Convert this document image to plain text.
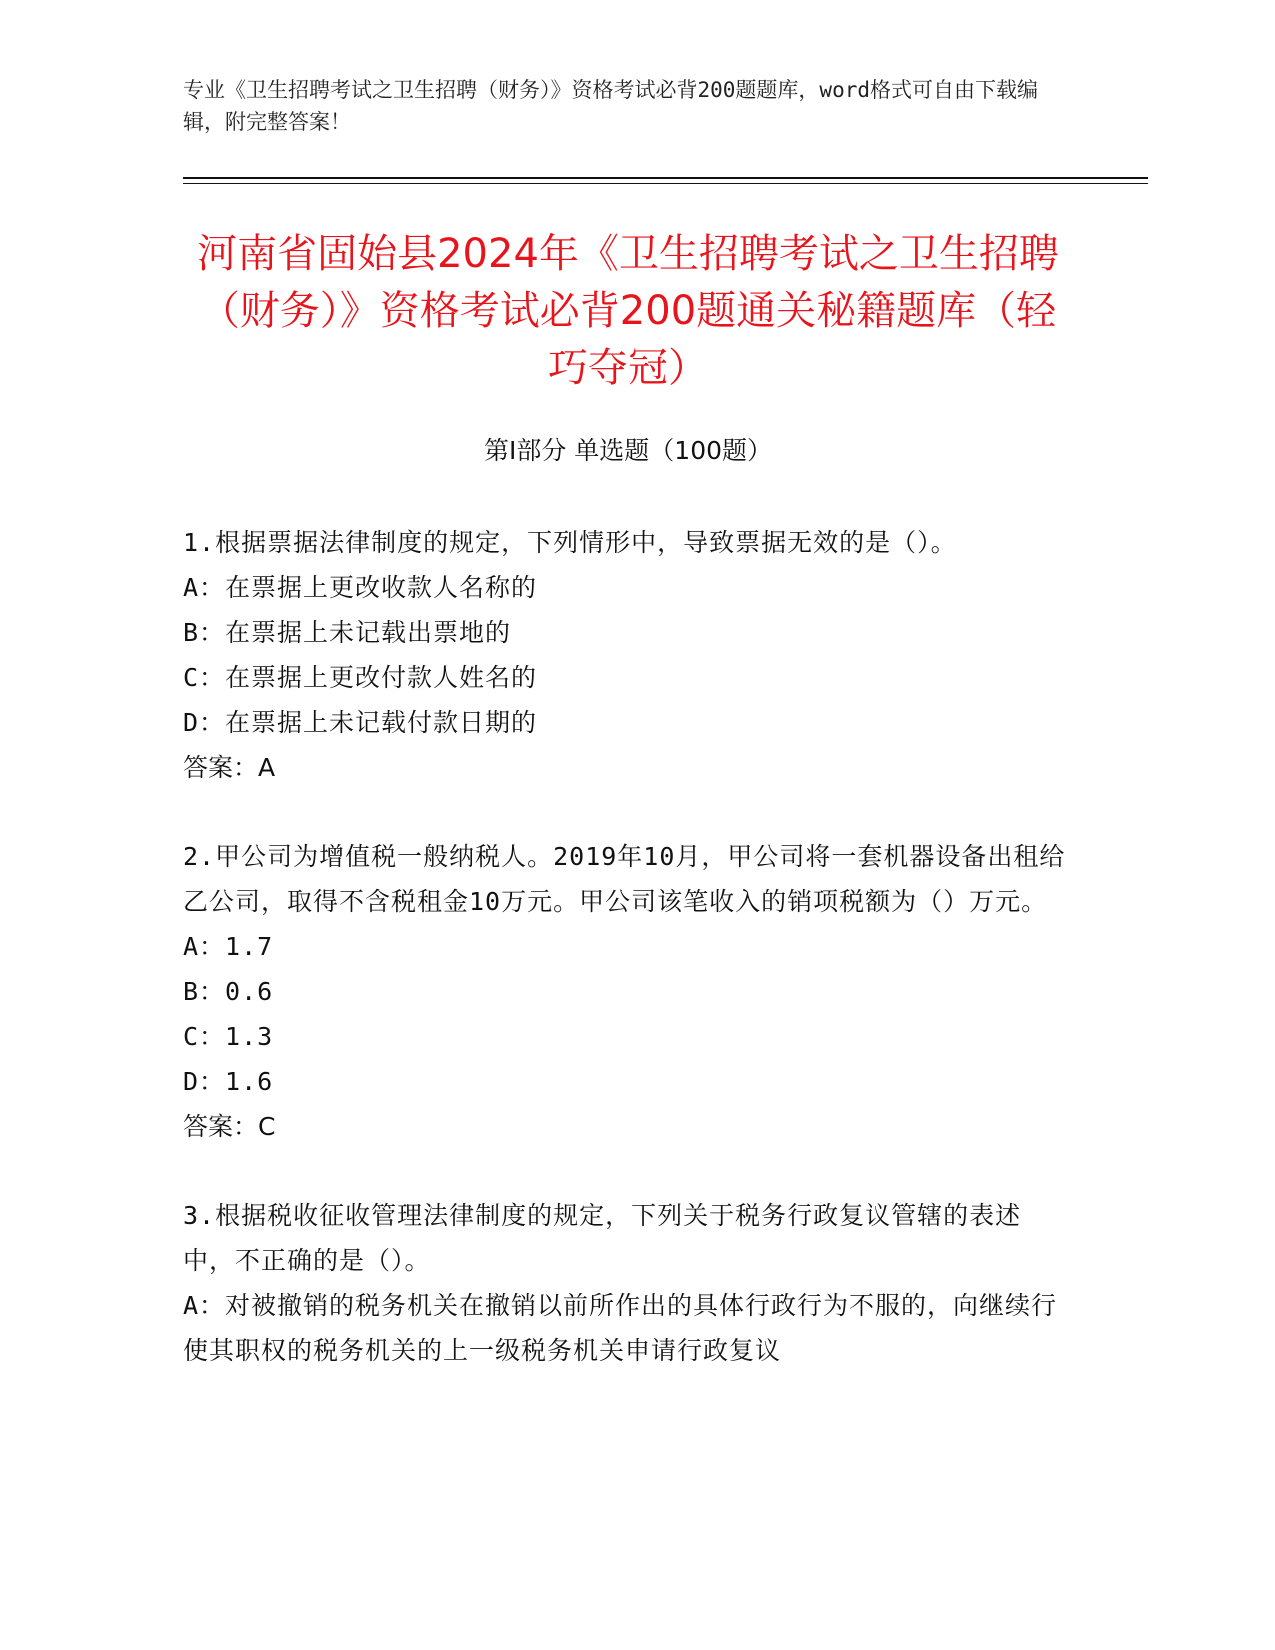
专业《卫生招聘考试之卫生招聘（财务）》资格考试必背200题题库，word格式可自由下载编辑，附完整答案！
河南省固始县2024年《卫生招聘考试之卫生招聘（财务）》资格考试必背200题通关秘籍题库（轻巧夺冠）
第Ⅰ部分 单选题（100题）
1.根据票据法律制度的规定，下列情形中，导致票据无效的是（）。
A：在票据上更改收款人名称的
B：在票据上未记载出票地的
C：在票据上更改付款人姓名的
D：在票据上未记载付款日期的
答案：A
2.甲公司为增值税一般纳税人。2019年10月，甲公司将一套机器设备出租给乙公司，取得不含税租金10万元。甲公司该笔收入的销项税额为（）万元。
A：1.7
B：0.6
C：1.3
D：1.6
答案：C
3.根据税收征收管理法律制度的规定，下列关于税务行政复议管辖的表述中，不正确的是（）。
A：对被撤销的税务机关在撤销以前所作出的具体行政行为不服的，向继续行使其职权的税务机关的上一级税务机关申请行政复议
